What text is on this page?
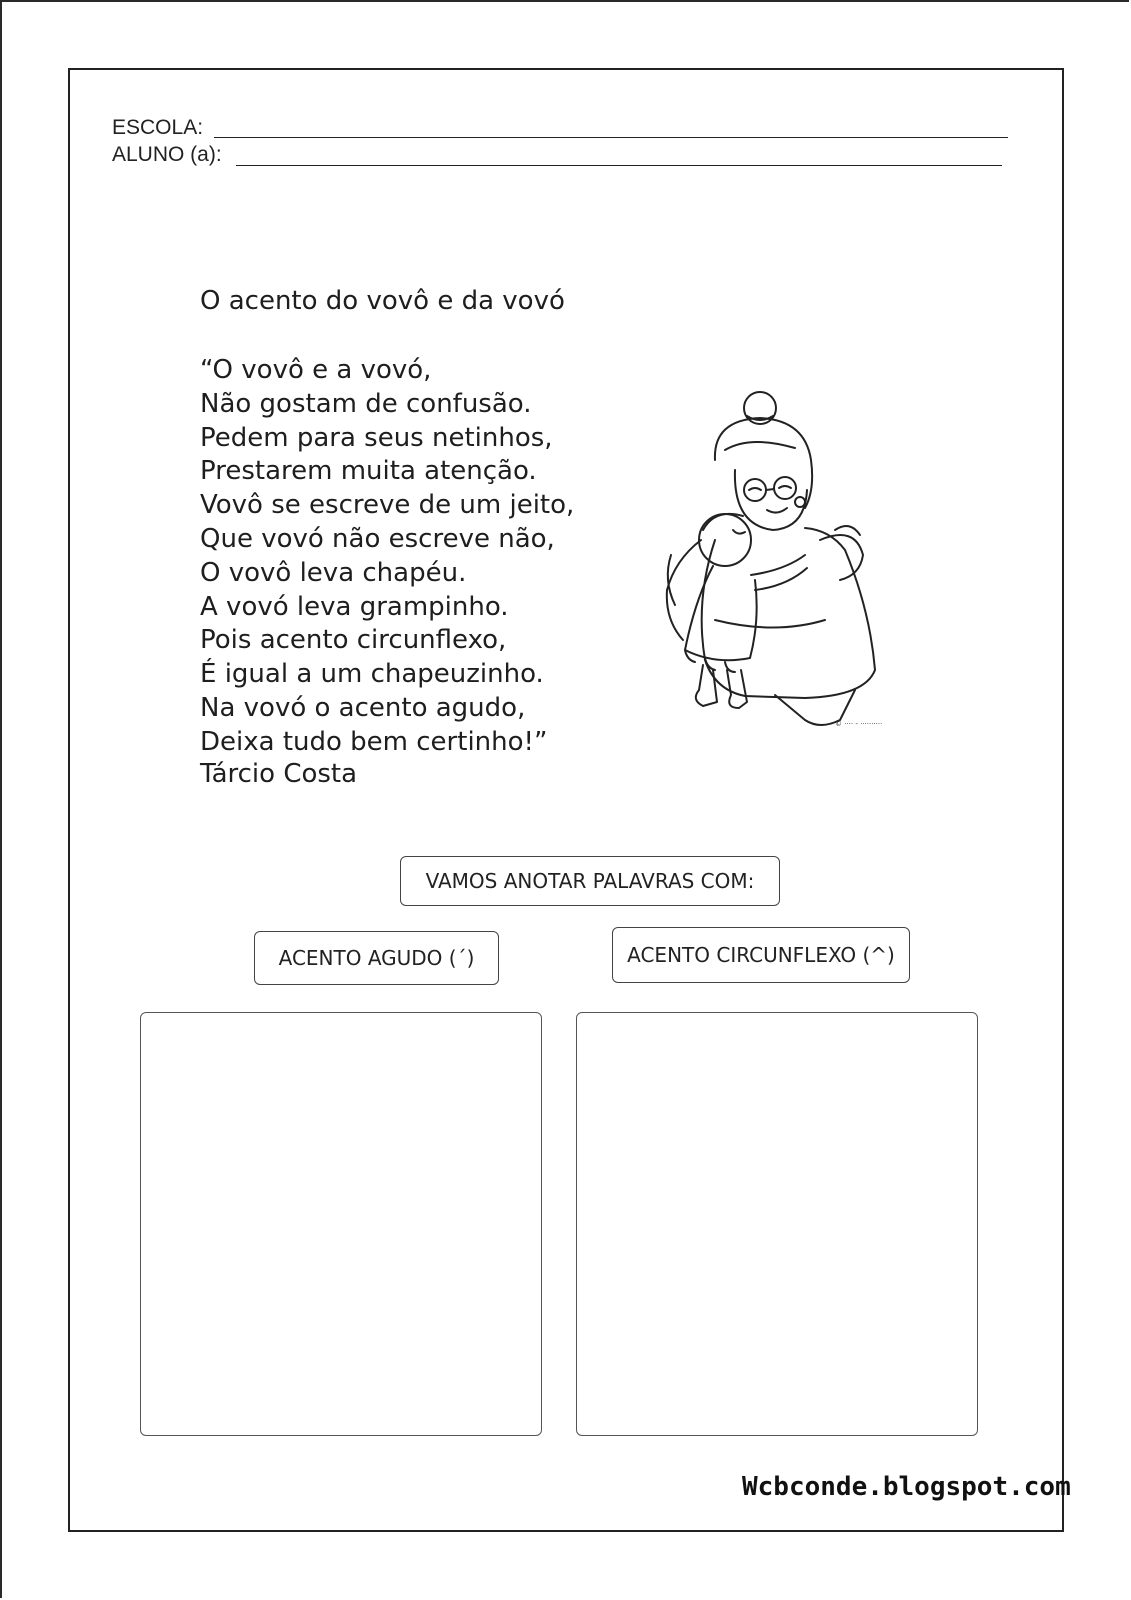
ESCOLA:
ALUNO (a):
O acento do vovô e da vovó
“O vovô e a vovó,
Não gostam de confusão.
Pedem para seus netinhos,
Prestarem muita atenção.
Vovô se escreve de um jeito,
Que vovó não escreve não,
O vovô leva chapéu.
A vovó leva grampinho.
Pois acento circunflexo,
É igual a um chapeuzinho.
Na vovó o acento agudo,
Deixa tudo bem certinho!”
Tárcio Costa
© ···· - ··········
VAMOS ANOTAR PALAVRAS COM:
ACENTO AGUDO (´)	ACENTO CIRCUNFLEXO (^)
Wcbconde.blogspot.com
